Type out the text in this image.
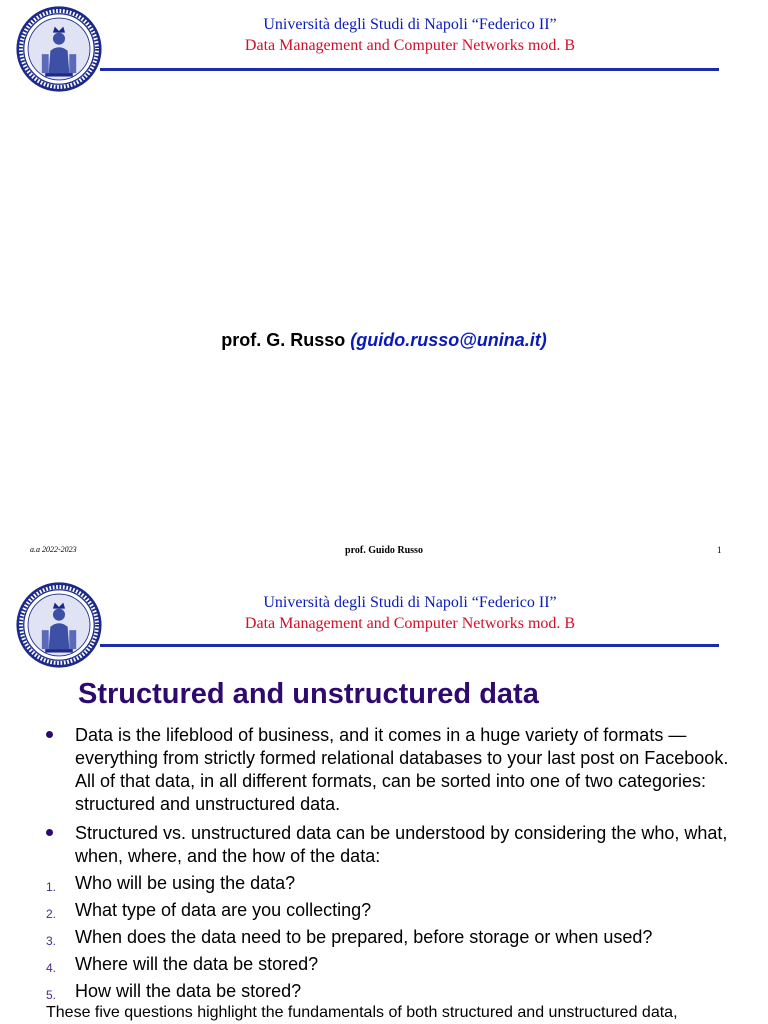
Università degli Studi di Napoli “Federico II”
Data Management and Computer Networks mod. B
prof. G. Russo (guido.russo@unina.it)
a.a 2022-2023	prof. Guido Russo	1
Università degli Studi di Napoli “Federico II”
Data Management and Computer Networks mod. B
Structured and unstructured data
Data is the lifeblood of business, and it comes in a huge variety of formats — everything from strictly formed relational databases to your last post on Facebook. All of that data, in all different formats, can be sorted into one of two categories: structured and unstructured data.
Structured vs. unstructured data can be understood by considering the who, what, when, where, and the how of the data:
1. Who will be using the data?
2. What type of data are you collecting?
3. When does the data need to be prepared, before storage or when used?
4. Where will the data be stored?
5. How will the data be stored?
These five questions highlight the fundamentals of both structured and unstructured data,
